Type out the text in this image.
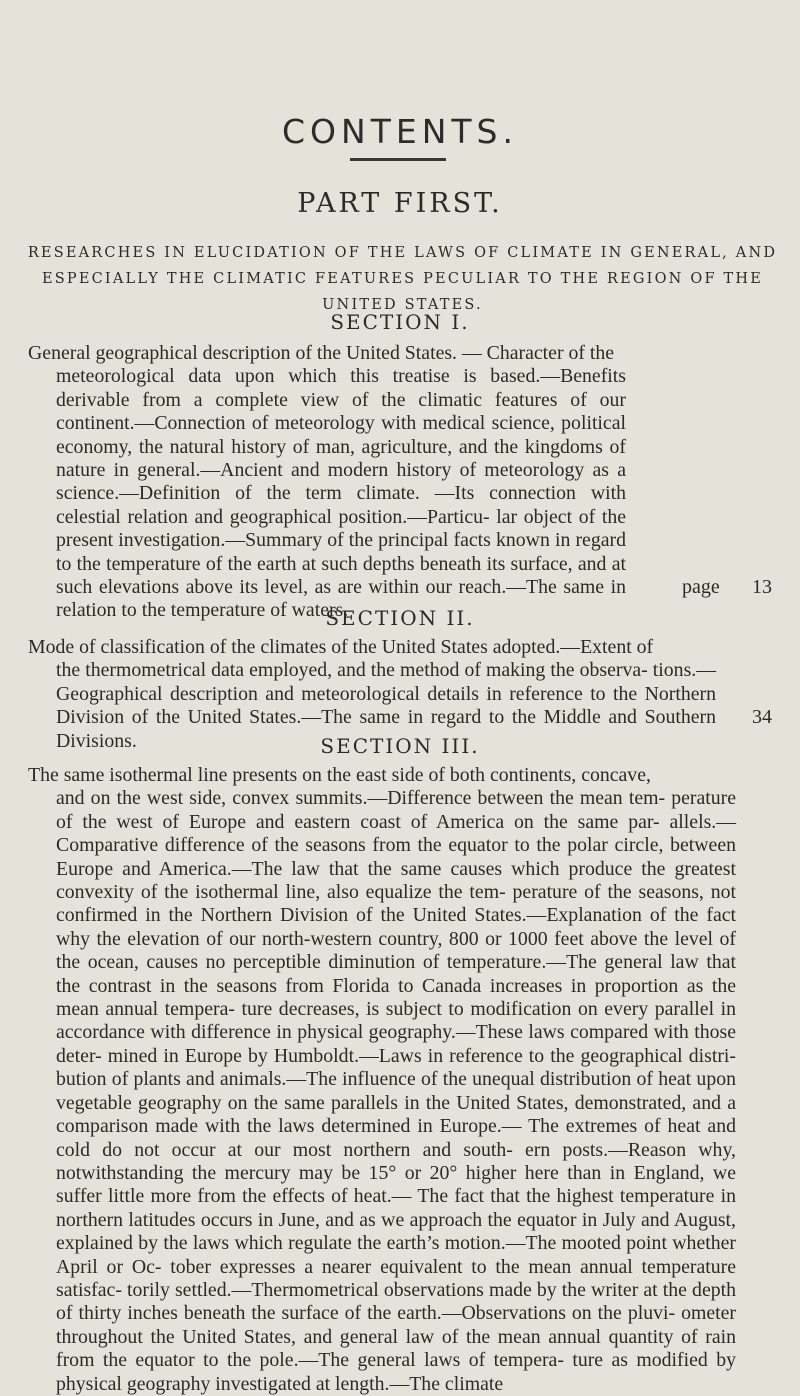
CONTENTS.
PART FIRST.
RESEARCHES IN ELUCIDATION OF THE LAWS OF CLIMATE IN GENERAL, AND ESPECIALLY THE CLIMATIC FEATURES PECULIAR TO THE REGION OF THE UNITED STATES.
SECTION I.
General geographical description of the United States. — Character of the
meteorological data upon which this treatise is based.—Benefits derivable from a complete view of the climatic features of our continent.—Connection of meteorology with medical science, political economy, the natural history of man, agriculture, and the kingdoms of nature in general.—Ancient and modern history of meteorology as a science.—Definition of the term climate. —Its connection with celestial relation and geographical position.—Particu- lar object of the present investigation.—Summary of the principal facts known in regard to the temperature of the earth at such depths beneath its surface, and at such elevations above its level, as are within our reach.—The same in relation to the temperature of waters.
page 13
SECTION II.
Mode of classification of the climates of the United States adopted.—Extent of
the thermometrical data employed, and the method of making the observa- tions.—Geographical description and meteorological details in reference to the Northern Division of the United States.—The same in regard to the Middle and Southern Divisions.
34
SECTION III.
The same isothermal line presents on the east side of both continents, concave,
and on the west side, convex summits.—Difference between the mean tem- perature of the west of Europe and eastern coast of America on the same par- allels.—Comparative difference of the seasons from the equator to the polar circle, between Europe and America.—The law that the same causes which produce the greatest convexity of the isothermal line, also equalize the tem- perature of the seasons, not confirmed in the Northern Division of the United States.—Explanation of the fact why the elevation of our north-western country, 800 or 1000 feet above the level of the ocean, causes no perceptible diminution of temperature.—The general law that the contrast in the seasons from Florida to Canada increases in proportion as the mean annual tempera- ture decreases, is subject to modification on every parallel in accordance with difference in physical geography.—These laws compared with those deter- mined in Europe by Humboldt.—Laws in reference to the geographical distri- bution of plants and animals.—The influence of the unequal distribution of heat upon vegetable geography on the same parallels in the United States, demonstrated, and a comparison made with the laws determined in Europe.— The extremes of heat and cold do not occur at our most northern and south- ern posts.—Reason why, notwithstanding the mercury may be 15° or 20° higher here than in England, we suffer little more from the effects of heat.— The fact that the highest temperature in northern latitudes occurs in June, and as we approach the equator in July and August, explained by the laws which regulate the earth’s motion.—The mooted point whether April or Oc- tober expresses a nearer equivalent to the mean annual temperature satisfac- torily settled.—Thermometrical observations made by the writer at the depth of thirty inches beneath the surface of the earth.—Observations on the pluvi- ometer throughout the United States, and general law of the mean annual quantity of rain from the equator to the pole.—The general laws of tempera- ture as modified by physical geography investigated at length.—The climate
